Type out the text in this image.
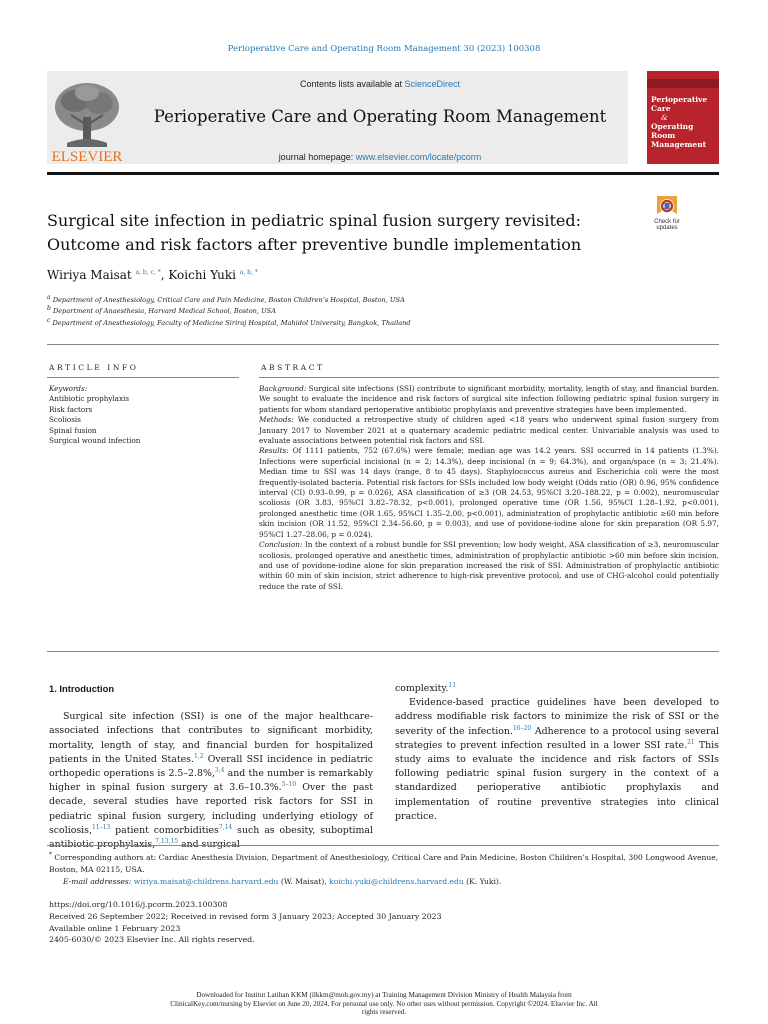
Perioperative Care and Operating Room Management 30 (2023) 100308
ELSEVIER
Contents lists available at ScienceDirect
Perioperative Care and Operating Room Management
journal homepage: www.elsevier.com/locate/pcorm
Perioperative Care
&
Operating Room
Management
Surgical site infection in pediatric spinal fusion surgery revisited: Outcome and risk factors after preventive bundle implementation
Check for
updates
Wiriya Maisat $^{a, b, c, *}$, Koichi Yuki $^{a, b, *}$
$^a$ Department of Anesthesiology, Critical Care and Pain Medicine, Boston Children’s Hospital, Boston, USA
$^b$ Department of Anaesthesia, Harvard Medical School, Boston, USA
$^c$ Department of Anesthesiology, Faculty of Medicine Siriraj Hospital, Mahidol University, Bangkok, Thailand
ARTICLE INFO	ABSTRACT
Keywords:
Antibiotic prophylaxis
Risk factors
Scoliosis
Spinal fusion
Surgical wound infection

Background: Surgical site infections (SSI) contribute to significant morbidity, mortality, length of stay, and financial burden. We sought to evaluate the incidence and risk factors of surgical site infection following pediatric spinal fusion surgery in patients for whom standard perioperative antibiotic prophylaxis and preventive strategies have been implemented.

Methods: We conducted a retrospective study of children aged <18 years who underwent spinal fusion surgery from January 2017 to November 2021 at a quaternary academic pediatric medical center. Univariable analysis was used to evaluate associations between potential risk factors and SSI.

Results: Of 1111 patients, 752 (67.6%) were female; median age was 14.2 years. SSI occurred in 14 patients (1.3%). Infections were superficial incisional (n = 2; 14.3%), deep incisional (n = 9; 64.3%), and organ/space (n = 3; 21.4%). Median time to SSI was 14 days (range, 8 to 45 days). Staphylococcus aureus and Escherichia coli were the most frequently-isolated bacteria. Potential risk factors for SSIs included low body weight (Odds ratio (OR) 0.96, 95% confidence interval (CI) 0.93–0.99, p = 0.026), ASA classification of ≥3 (OR 24.53, 95%CI 3.20–188.22, p = 0.002), neuromuscular scoliosis (OR 3.83, 95%CI 3.82–78.32, p<0.001), prolonged operative time (OR 1.56, 95%CI 1.28–1.92, p<0.001), prolonged anesthetic time (OR 1.65, 95%CI 1.35–2.00, p<0.001), administration of prophylactic antibiotic ≥60 min before skin incision (OR 11.52, 95%CI 2.34–56.60, p = 0.003), and use of povidone-iodine alone for skin preparation (OR 5.97, 95%CI 1.27–28.06, p = 0.024).

Conclusion: In the context of a robust bundle for SSI prevention; low body weight, ASA classification of ≥3, neuromuscular scoliosis, prolonged operative and anesthetic times, administration of prophylactic antibiotic >60 min before skin incision, and use of povidone-iodine alone for skin preparation increased the risk of SSI. Administration of prophylactic antibiotic within 60 min of skin incision, strict adherence to high-risk preventive protocol, and use of CHG-alcohol could potentially reduce the rate of SSI.

1. Introduction

Surgical site infection (SSI) is one of the major healthcare-associated infections that contributes to significant morbidity, mortality, length of stay, and financial burden for hospitalized patients in the United States.$^{1,2}$ Overall SSI incidence in pediatric orthopedic operations is 2.5–2.8%,$^{3,4}$ and the number is remarkably higher in spinal fusion surgery at 3.6–10.3%.$^{5-10}$ Over the past decade, several studies have reported risk factors for SSI in pediatric spinal fusion surgery, including underlying etiology of scoliosis,$^{11-13}$ patient comorbidities$^{7,14}$ such as obesity, suboptimal $^{7,13,15}$

complexity.$^{11}$

Evidence-based practice guidelines have been developed to address modifiable risk factors to minimize the risk of SSI or the severity of the infection.$^{16-20}$ Adherence to a protocol using several strategies to prevent infection resulted in a lower SSI rate.$^{21}$ This study aims to evaluate the incidence and risk factors of SSIs following pediatric spinal fusion surgery in the context of a standardized perioperative antibiotic prophylaxis and implementation of routine preventive strategies into clinical practice.

* Corresponding authors at: Cardiac Anesthesia Division, Department of Anesthesiology, Critical Care and Pain Medicine, Boston Children’s Hospital, 300 Longwood Avenue, Boston, MA 02115, USA.
E-mail addresses: wiriya.maisat@childrens.harvard.edu (W. Maisat), koichi.yuki@childrens.harvard.edu (K. Yuki).
https://doi.org/10.1016/j.pcorm.2023.100308
Received 26 September 2022; Received in revised form 3 January 2023; Accepted 30 January 2023
Available online 1 February 2023
2405-6030/© 2023 Elsevier Inc. All rights reserved.
Downloaded for Institut Latihan KKM (ilkkm@moh.gov.my) at Training Management Division Ministry of Health Malaysia from
ClinicalKey.com/nursing by Elsevier on June 20, 2024. For personal use only. No other uses without permission. Copyright ©2024. Elsevier Inc. All
rights reserved.
